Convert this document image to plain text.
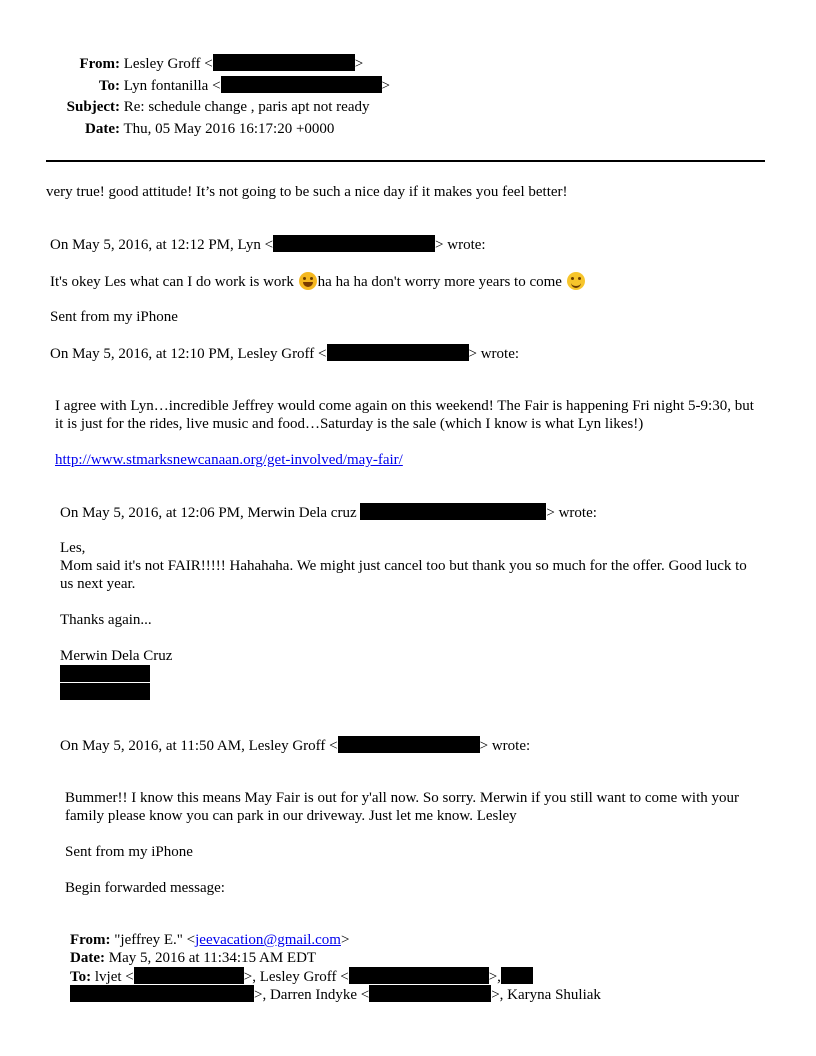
From: Lesley Groff <	>
To: Lyn fontanilla <	>
Subject: Re: schedule change , paris apt not ready
Date: Thu, 05 May 2016 16:17:20 +0000
very true! good attitude! It’s not going to be such a nice day if it makes you feel better!
On May 5, 2016, at 12:12 PM, Lyn <	> wrote:
It's okey Les what can I do work is work ha ha ha don't worry more years to come
Sent from my iPhone
On May 5, 2016, at 12:10 PM, Lesley Groff <	> wrote:
I agree with Lyn…incredible Jeffrey would come again on this weekend! The Fair is happening Fri night 5-9:30, but it is just for the rides, live music and food…Saturday is the sale (which I know is what Lyn likes!)
http://www.stmarksnewcanaan.org/get-involved/may-fair/
On May 5, 2016, at 12:06 PM, Merwin Dela cruz	> wrote:
Les,
Mom said it's not FAIR!!!!! Hahahaha. We might just cancel too but thank you so much for the offer. Good luck to us next year.
Thanks again...
Merwin Dela Cruz
On May 5, 2016, at 11:50 AM, Lesley Groff <	> wrote:
Bummer!! I know this means May Fair is out for y'all now. So sorry. Merwin if you still want to come with your family please know you can park in our driveway. Just let me know. Lesley
Sent from my iPhone
Begin forwarded message:
From: "jeffrey E." <jeevacation@gmail.com>
Date: May 5, 2016 at 11:34:15 AM EDT
To: lvjet <	>, Lesley Groff <	>,
>, Darren Indyke <	>, Karyna Shuliak
